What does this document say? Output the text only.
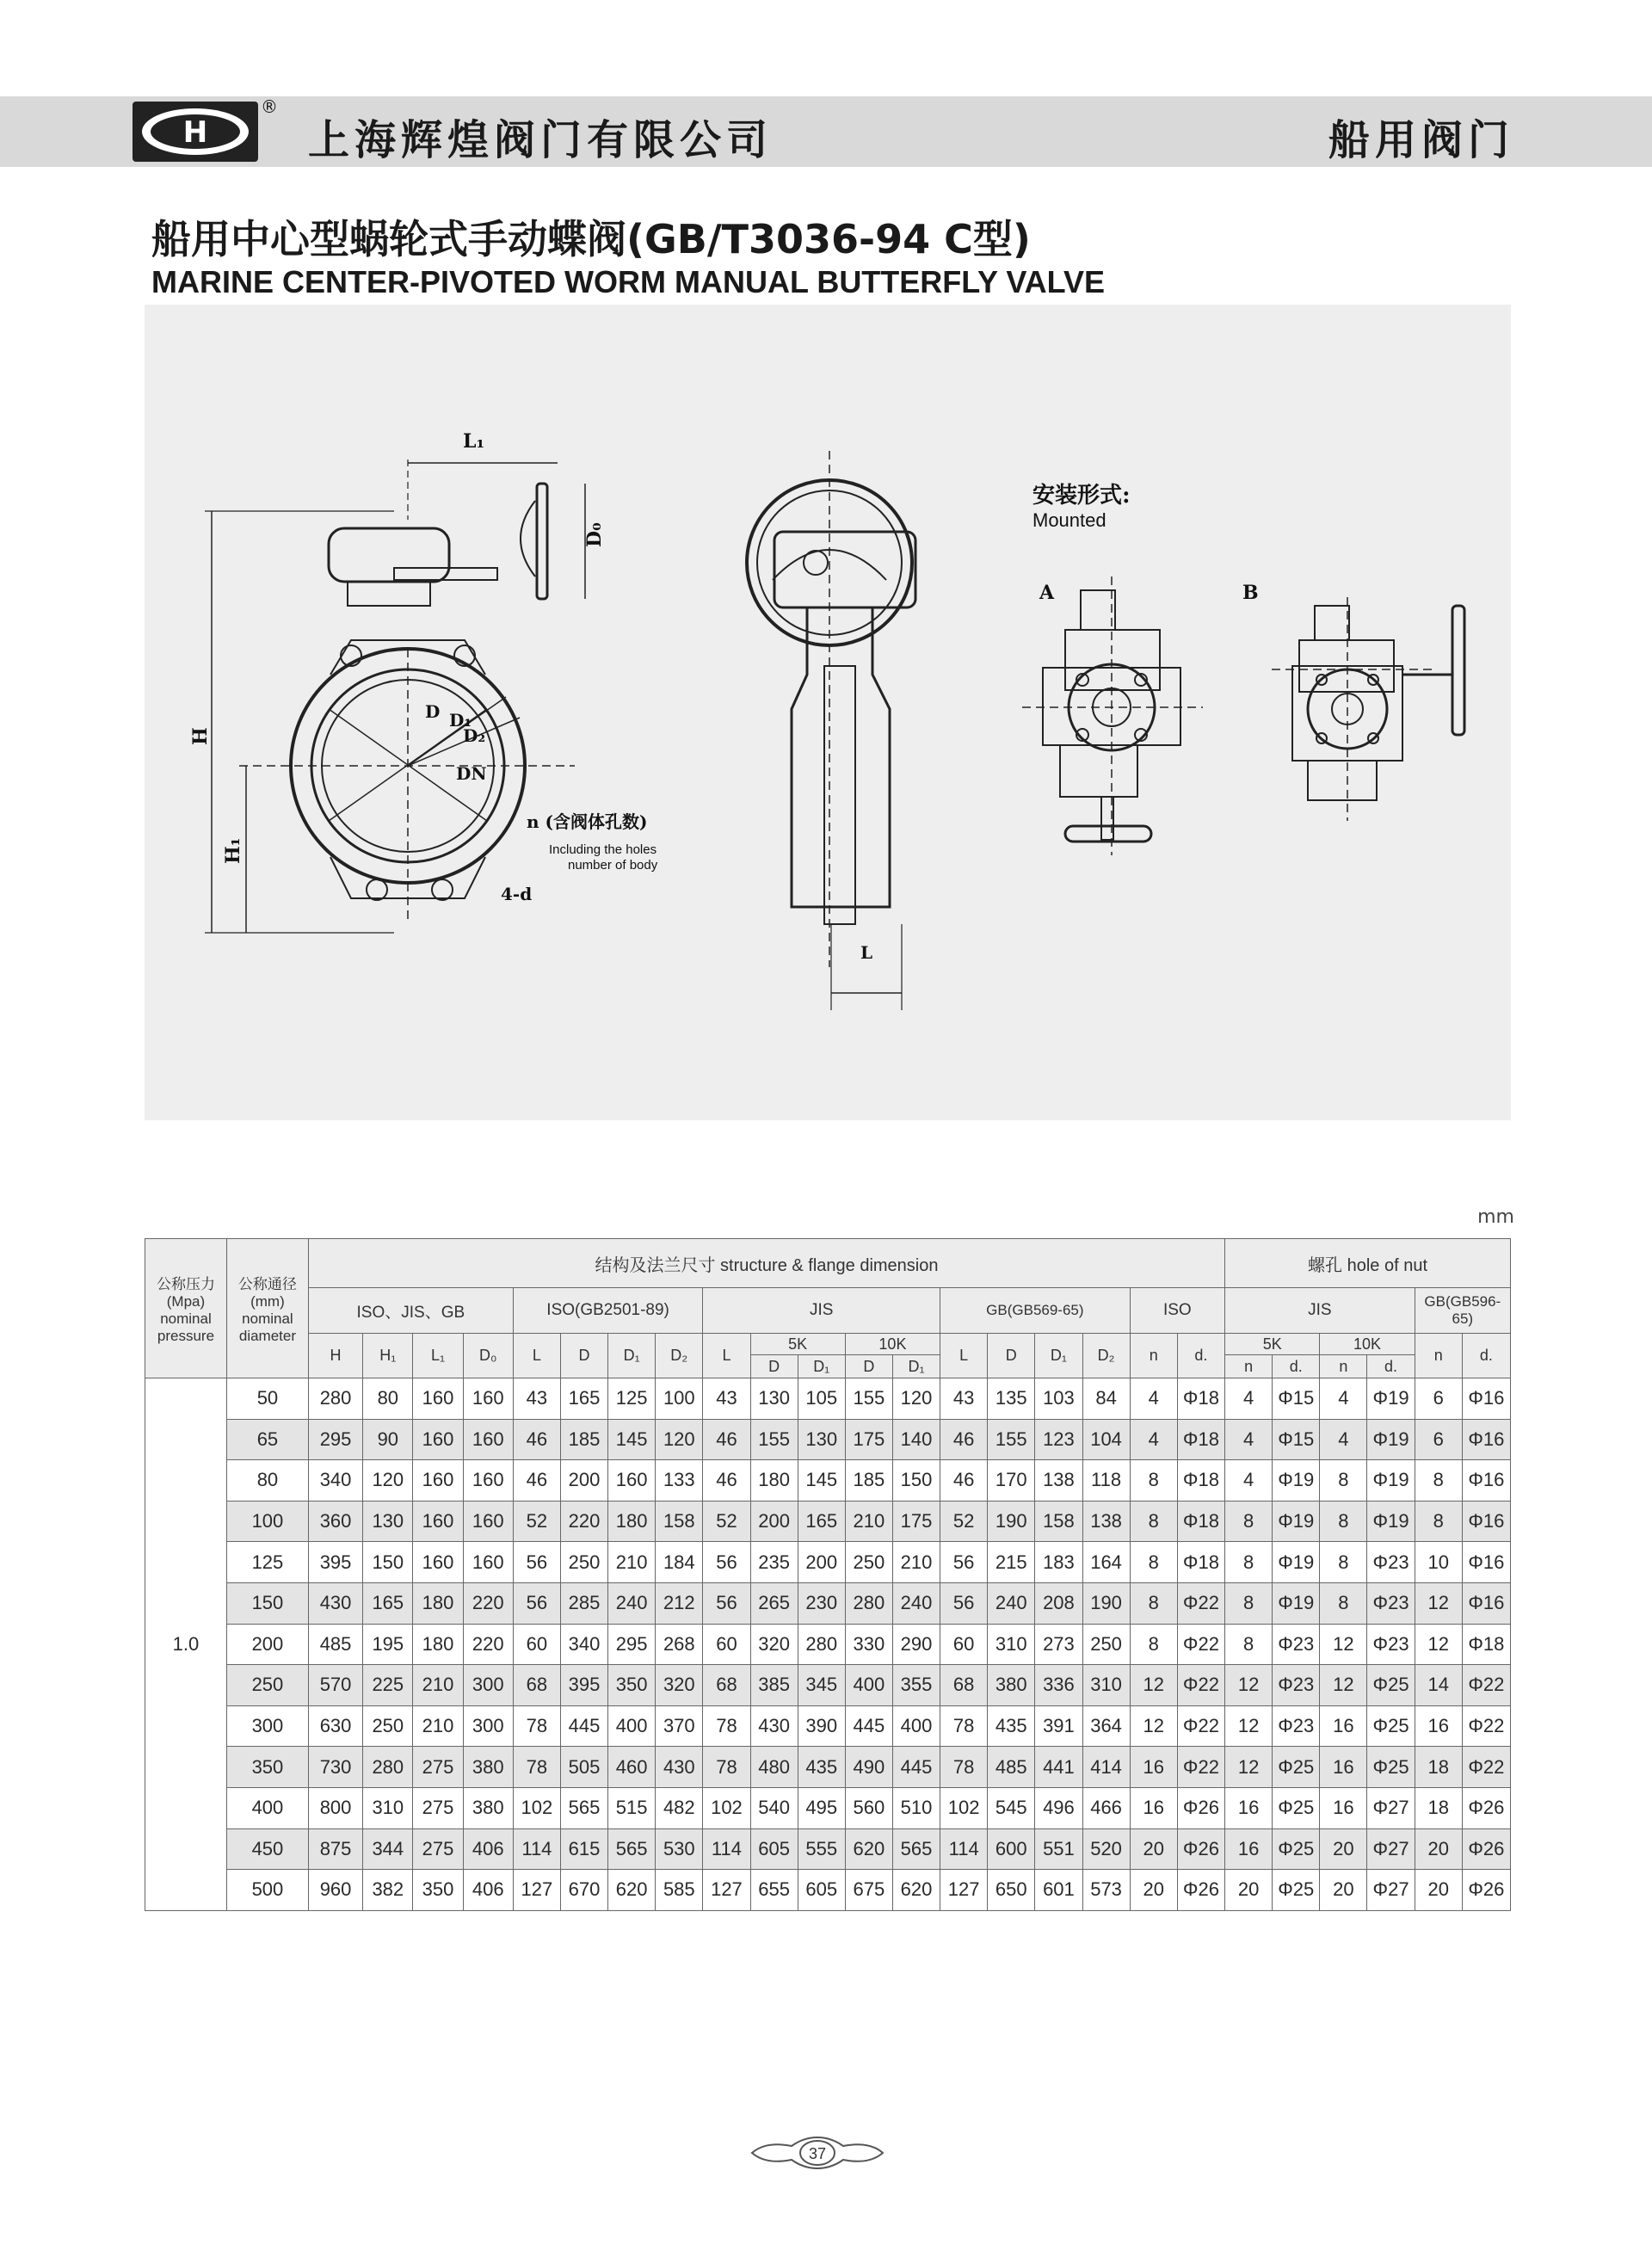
H
®
上海辉煌阀门有限公司	船用阀门
船用中心型蜗轮式手动蝶阀(GB/T3036-94 C型)
MARINE CENTER-PIVOTED WORM MANUAL BUTTERFLY VALVE
L₁
D₀
H
H₁
D D₁
D₂
DN
n (含阀体孔数)
Including the holes
number of body
4-d
L
安装形式:
Mounted
A	B
mm
公称压力 (Mpa) nominal pressure	公称通径 (mm) nominal diameter	结构及法兰尺寸 structure & flange dimension																			螺孔 hole of nut					
		ISO、JIS、GB				ISO(GB2501-89)				JIS					GB(GB569-65)				ISO		JIS				GB(GB596-65)	
		H	H₁	L₁	D₀	L	D	D₁	D₂	L	5K		10K		L	D	D₁	D₂	n	d.	5K		10K		n	d.
											D	D₁	D	D₁							n	d.	n	d.		
1.0	50	280	80	160	160	43	165	125	100	43	130	105	155	120	43	135	103	84	4	Φ18	4	Φ15	4	Φ19	6	Φ16
	65	295	90	160	160	46	185	145	120	46	155	130	175	140	46	155	123	104	4	Φ18	4	Φ15	4	Φ19	6	Φ16
	80	340	120	160	160	46	200	160	133	46	180	145	185	150	46	170	138	118	8	Φ18	4	Φ19	8	Φ19	8	Φ16
	100	360	130	160	160	52	220	180	158	52	200	165	210	175	52	190	158	138	8	Φ18	8	Φ19	8	Φ19	8	Φ16
	125	395	150	160	160	56	250	210	184	56	235	200	250	210	56	215	183	164	8	Φ18	8	Φ19	8	Φ23	10	Φ16
	150	430	165	180	220	56	285	240	212	56	265	230	280	240	56	240	208	190	8	Φ22	8	Φ19	8	Φ23	12	Φ16
	200	485	195	180	220	60	340	295	268	60	320	280	330	290	60	310	273	250	8	Φ22	8	Φ23	12	Φ23	12	Φ18
	250	570	225	210	300	68	395	350	320	68	385	345	400	355	68	380	336	310	12	Φ22	12	Φ23	12	Φ25	14	Φ22
	300	630	250	210	300	78	445	400	370	78	430	390	445	400	78	435	391	364	12	Φ22	12	Φ23	16	Φ25	16	Φ22
	350	730	280	275	380	78	505	460	430	78	480	435	490	445	78	485	441	414	16	Φ22	12	Φ25	16	Φ25	18	Φ22
	400	800	310	275	380	102	565	515	482	102	540	495	560	510	102	545	496	466	16	Φ26	16	Φ25	16	Φ27	18	Φ26
	450	875	344	275	406	114	615	565	530	114	605	555	620	565	114	600	551	520	20	Φ26	16	Φ25	20	Φ27	20	Φ26
	500	960	382	350	406	127	670	620	585	127	655	605	675	620	127	650	601	573	20	Φ26	20	Φ25	20	Φ27	20	Φ26
37
